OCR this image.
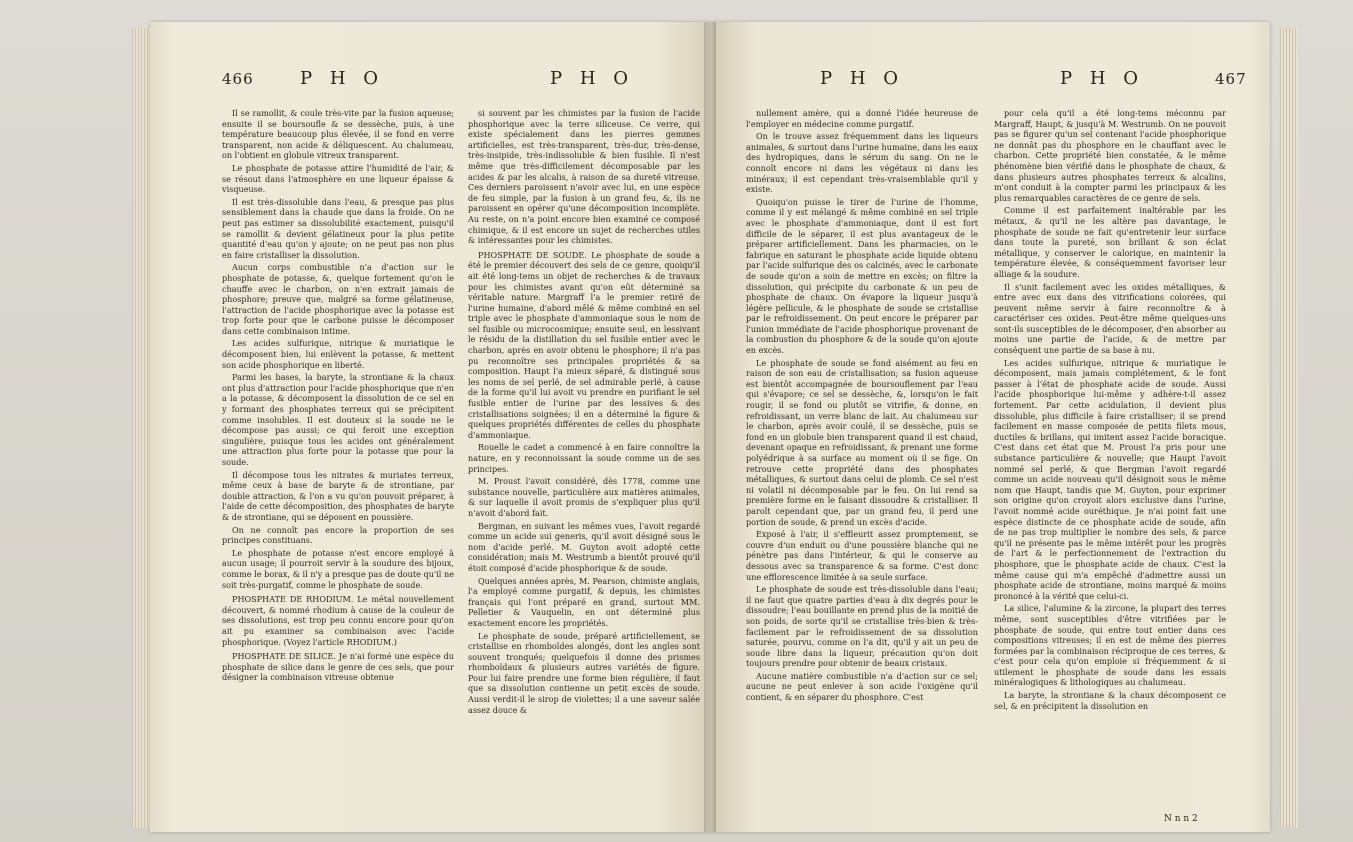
466	P H O	P H O

Il se ramollit, & coule très-vite par la fusion aqueuse; ensuite il se boursoufle & se dessèche, puis, à une température beaucoup plus élevée, il se fond en verre transparent, non acide & déliquescent. Au chalumeau, on l'obtient en globule vitreux transparent.

Le phosphate de potasse attire l'humidité de l'air, & se résout dans l'atmosphère en une liqueur épaisse & visqueuse.

Il est très-dissoluble dans l'eau, & presque pas plus sensiblement dans la chaude que dans la froide. On ne peut pas estimer sa dissolubilité exactement, puisqu'il se ramollit & devient gélatineux pour la plus petite quantité d'eau qu'on y ajoute; on ne peut pas non plus en faire cristalliser la dissolution.

Aucun corps combustible n'a d'action sur le phosphate de potasse, &, quelque fortement qu'on le chauffe avec le charbon, on n'en extrait jamais de phosphore; preuve que, malgré sa forme gélatineuse, l'attraction de l'acide phosphorique avec la potasse est trop forte pour que le carbone puisse le décomposer dans cette combinaison intime.

Les acides sulfurique, nitrique & muriatique le décomposent bien, lui enlèvent la potasse, & mettent son acide phosphorique en liberté.

Parmi les bases, la baryte, la strontiane & la chaux ont plus d'attraction pour l'acide phosphorique que n'en a la potasse, & décomposent la dissolution de ce sel en y formant des phosphates terreux qui se précipitent comme insolubles. Il est douteux si la soude ne le décompose pas aussi; ce qui feroit une exception singulière, puisque tous les acides ont généralement une attraction plus forte pour la potasse que pour la soude.

Il décompose tous les nitrates & muriates terreux, même ceux à base de baryte & de strontiane, par double attraction, & l'on a vu qu'on pouvoit préparer, à l'aide de cette décomposition, des phosphates de baryte & de strontiane, qui se déposent en poussière.

On ne connoît pas encore la proportion de ses principes constituans.

Le phosphate de potasse n'est encore employé à aucun usage; il pourroit servir à la soudure des bijoux, comme le borax, & il n'y a presque pas de doute qu'il ne soit très-purgatif, comme le phosphate de soude.

PHOSPHATE DE RHODIUM. Le métal nouvellement découvert, & nommé rhodium à cause de la couleur de ses dissolutions, est trop peu connu encore pour qu'on ait pu examiner sa combinaison avec l'acide phosphorique. (Voyez l'article RHODIUM.)

PHOSPHATE DE SILICE. Je n'ai formé une espèce du phosphate de silice dans le genre de ces sels, que pour désigner la combinaison vitreuse obtenue

si souvent par les chimistes par la fusion de l'acide phosphorique avec la terre siliceuse. Ce verre, qui existe spécialement dans les pierres gemmes artificielles, est très-transparent, très-dur, très-dense, très-insipide, très-indissoluble & bien fusible. Il n'est même que très-difficilement décomposable par les acides & par les alcalis, à raison de sa dureté vitreuse. Ces derniers paroissent n'avoir avec lui, en une espèce de feu simple, par la fusion à un grand feu, &, ils ne paroissent en opérer qu'une décomposition incomplète. Au reste, on n'a point encore bien examiné ce composé chimique, & il est encore un sujet de recherches utiles & intéressantes pour les chimistes.

PHOSPHATE DE SOUDE. Le phosphate de soude a été le premier découvert des sels de ce genre, quoiqu'il ait été long-tems un objet de recherches & de travaux pour les chimistes avant qu'on eût déterminé sa véritable nature. Margraff l'a le premier retiré de l'urine humaine, d'abord mêlé & même combiné en sel triple avec le phosphate d'ammoniaque sous le nom de sel fusible ou microcosmique; ensuite seul, en lessivant le résidu de la distillation du sel fusible entier avec le charbon, après en avoir obtenu le phosphore; il n'a pas pu reconnoître ses principales propriétés & sa composition. Haupt l'a mieux séparé, & distingué sous les noms de sel perlé, de sel admirable perlé, à cause de la forme qu'il lui avoit vu prendre en purifiant le sel fusible entier de l'urine par des lessives & des cristallisations soignées; il en a déterminé la figure & quelques propriétés différentes de celles du phosphate d'ammoniaque.

Rouelle le cadet a commencé à en faire connoître la nature, en y reconnoissant la soude comme un de ses principes.

M. Proust l'avoit considéré, dès 1778, comme une substance nouvelle, particulière aux matières animales, & sur laquelle il avoit promis de s'expliquer plus qu'il n'avoit d'abord fait.

Bergman, en suivant les mêmes vues, l'avoit regardé comme un acide sui generis, qu'il avoit désigné sous le nom d'acide perlé. M. Guyton avoit adopté cette considération; mais M. Westrumb a bientôt prouvé qu'il étoit composé d'acide phosphorique & de soude.

Quelques années après, M. Pearson, chimiste anglais, l'a employé comme purgatif, & depuis, les chimistes français qui l'ont préparé en grand, surtout MM. Pelletier & Vauquelin, en ont déterminé plus exactement encore les propriétés.

Le phosphate de soude, préparé artificiellement, se cristallise en rhomboïdes alongés, dont les angles sont souvent tronqués; quelquefois il donne des prismes rhomboïdaux & plusieurs autres variétés de figure. Pour lui faire prendre une forme bien régulière, il faut que sa dissolution contienne un petit excès de soude. Aussi verdit-il le sirop de violettes; il a une saveur salée assez douce &

P H O	P H O	467

nullement amère, qui a donné l'idée heureuse de l'employer en médecine comme purgatif.

On le trouve assez fréquemment dans les liqueurs animales, & surtout dans l'urine humaine, dans les eaux des hydropiques, dans le sérum du sang. On ne le connoît encore ni dans les végétaux ni dans les minéraux; il est cependant très-vraisemblable qu'il y existe.

Quoiqu'on puisse le tirer de l'urine de l'homme, comme il y est mélangé & même combiné en sel triple avec le phosphate d'ammoniaque, dont il est fort difficile de le séparer, il est plus avantageux de le préparer artificiellement. Dans les pharmacies, on le fabrique en saturant le phosphate acide liquide obtenu par l'acide sulfurique des os calcinés, avec le carbonate de soude qu'on a soin de mettre en excès; on filtre la dissolution, qui précipite du carbonate & un peu de phosphate de chaux. On évapore la liqueur jusqu'à légère pellicule, & le phosphate de soude se cristallise par le refroidissement. On peut encore le préparer par l'union immédiate de l'acide phosphorique provenant de la combustion du phosphore & de la soude qu'on ajoute en excès.

Le phosphate de soude se fond aisément au feu en raison de son eau de cristallisation; sa fusion aqueuse est bientôt accompagnée de boursouflement par l'eau qui s'évapore; ce sel se dessèche, &, lorsqu'on le fait rougir, il se fond ou plutôt se vitrifie, & donne, en refroidissant, un verre blanc de lait. Au chalumeau sur le charbon, après avoir coulé, il se dessèche, puis se fond en un globule bien transparent quand il est chaud, devenant opaque en refroidissant, & prenant une forme polyédrique à sa surface au moment où il se fige. On retrouve cette propriété dans des phosphates métalliques, & surtout dans celui de plomb. Ce sel n'est ni volatil ni décomposable par le feu. On lui rend sa première forme en le faisant dissoudre & cristalliser. Il paroît cependant que, par un grand feu, il perd une portion de soude, & prend un excès d'acide.

Exposé à l'air, il s'effleurit assez promptement, se couvre d'un enduit ou d'une poussière blanche qui ne pénètre pas dans l'intérieur, & qui le conserve au dessous avec sa transparence & sa forme. C'est donc une efflorescence limitée à sa seule surface.

Le phosphate de soude est très-dissoluble dans l'eau; il ne faut que quatre parties d'eau à dix degrés pour le dissoudre; l'eau bouillante en prend plus de la moitié de son poids, de sorte qu'il se cristallise très-bien & très-facilement par le refroidissement de sa dissolution saturée, pourvu, comme on l'a dit, qu'il y ait un peu de soude libre dans la liqueur, précaution qu'on doit toujours prendre pour obtenir de beaux cristaux.

Aucune matière combustible n'a d'action sur ce sel; aucune ne peut enlever à son acide l'oxigène qu'il contient, & en séparer du phosphore. C'est

pour cela qu'il a été long-tems méconnu par Margraff, Haupt, & jusqu'à M. Westrumb. On ne pouvoit pas se figurer qu'un sel contenant l'acide phosphorique ne donnât pas du phosphore en le chauffant avec le charbon. Cette propriété bien constatée, & le même phénomène bien vérifié dans le phosphate de chaux, & dans plusieurs autres phosphates terreux & alcalins, m'ont conduit à la compter parmi les principaux & les plus remarquables caractères de ce genre de sels.

Comme il est parfaitement inaltérable par les métaux, & qu'il ne les altère pas davantage, le phosphate de soude ne fait qu'entretenir leur surface dans toute la pureté, son brillant & son éclat métallique, y conserver le calorique, en maintenir la température élevée, & conséquemment favoriser leur alliage & la soudure.

Il s'unit facilement avec les oxides métalliques, & entre avec eux dans des vitrifications colorées, qui peuvent même servir à faire reconnoître & à caractériser ces oxides. Peut-être même quelques-uns sont-ils susceptibles de le décomposer, d'en absorber au moins une partie de l'acide, & de mettre par conséquent une partie de sa base à nu.

Les acides sulfurique, nitrique & muriatique le décomposent, mais jamais complétement, & le font passer à l'état de phosphate acide de soude. Aussi l'acide phosphorique lui-même y adhère-t-il assez fortement. Par cette acidulation, il devient plus dissoluble, plus difficile à faire cristalliser; il se prend facilement en masse composée de petits filets mous, ductiles & brillans, qui imitent assez l'acide boracique. C'est dans cet état que M. Proust l'a pris pour une substance particulière & nouvelle; que Haupt l'avoit nommé sel perlé, & que Bergman l'avoit regardé comme un acide nouveau qu'il désignoit sous le même nom que Haupt, tandis que M. Guyton, pour exprimer son origine qu'on croyoit alors exclusive dans l'urine, l'avoit nommé acide ouréthique. Je n'ai point fait une espèce distincte de ce phosphate acide de soude, afin de ne pas trop multiplier le nombre des sels, & parce qu'il ne présente pas le même intérêt pour les progrès de l'art & le perfectionnement de l'extraction du phosphore, que le phosphate acide de chaux. C'est la même cause qui m'a empêché d'admettre aussi un phosphate acide de strontiane, moins marqué & moins prononcé à la vérité que celui-ci.

La silice, l'alumine & la zircone, la plupart des terres même, sont susceptibles d'être vitrifiées par le phosphate de soude, qui entre tout entier dans ces compositions vitreuses; il en est de même des pierres formées par la combinaison réciproque de ces terres, & c'est pour cela qu'on emploie si fréquemment & si utilement le phosphate de soude dans les essais minéralogiques & lithologiques au chalumeau.

La baryte, la strontiane & la chaux décomposent ce sel, & en précipitent la dissolution en

N n n 2
